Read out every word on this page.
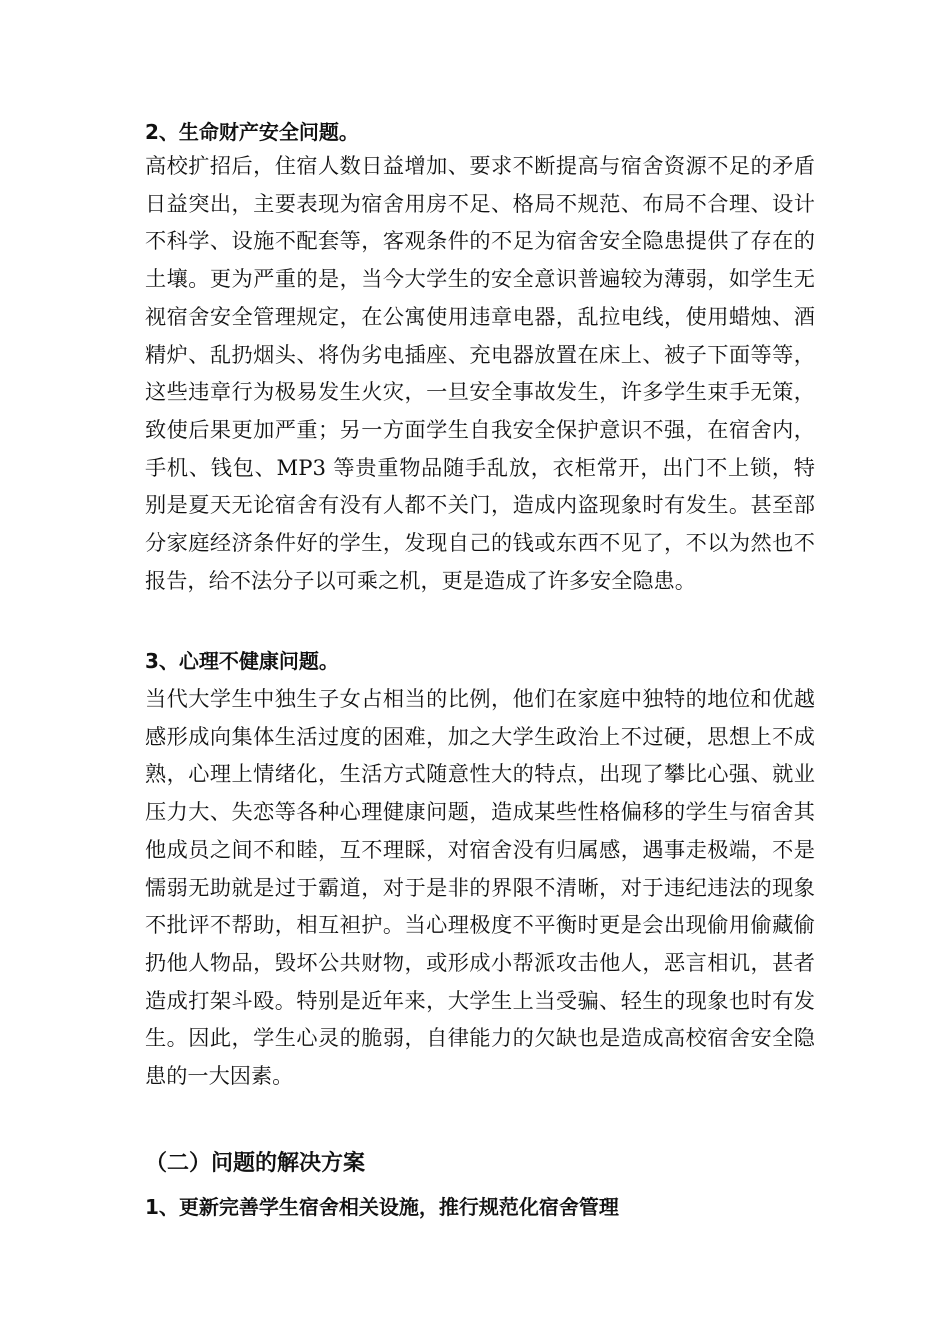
2、生命财产安全问题。
高校扩招后，住宿人数日益增加、要求不断提高与宿舍资源不足的矛盾日益突出，主要表现为宿舍用房不足、格局不规范、布局不合理、设计不科学、设施不配套等，客观条件的不足为宿舍安全隐患提供了存在的土壤。更为严重的是，当今大学生的安全意识普遍较为薄弱，如学生无视宿舍安全管理规定，在公寓使用违章电器，乱拉电线，使用蜡烛、酒精炉、乱扔烟头、将伪劣电插座、充电器放置在床上、被子下面等等，这些违章行为极易发生火灾，一旦安全事故发生，许多学生束手无策，致使后果更加严重；另一方面学生自我安全保护意识不强，在宿舍内，手机、钱包、MP3 等贵重物品随手乱放，衣柜常开，出门不上锁，特别是夏天无论宿舍有没有人都不关门，造成内盗现象时有发生。甚至部分家庭经济条件好的学生，发现自己的钱或东西不见了，不以为然也不报告，给不法分子以可乘之机，更是造成了许多安全隐患。
3、心理不健康问题。
当代大学生中独生子女占相当的比例，他们在家庭中独特的地位和优越感形成向集体生活过度的困难，加之大学生政治上不过硬，思想上不成熟，心理上情绪化，生活方式随意性大的特点，出现了攀比心强、就业压力大、失恋等各种心理健康问题，造成某些性格偏移的学生与宿舍其他成员之间不和睦，互不理睬，对宿舍没有归属感，遇事走极端，不是懦弱无助就是过于霸道，对于是非的界限不清晰，对于违纪违法的现象不批评不帮助，相互袒护。当心理极度不平衡时更是会出现偷用偷藏偷扔他人物品，毁坏公共财物，或形成小帮派攻击他人，恶言相讥，甚者造成打架斗殴。特别是近年来，大学生上当受骗、轻生的现象也时有发生。因此，学生心灵的脆弱，自律能力的欠缺也是造成高校宿舍安全隐患的一大因素。
（二）问题的解决方案
1、更新完善学生宿舍相关设施，推行规范化宿舍管理
